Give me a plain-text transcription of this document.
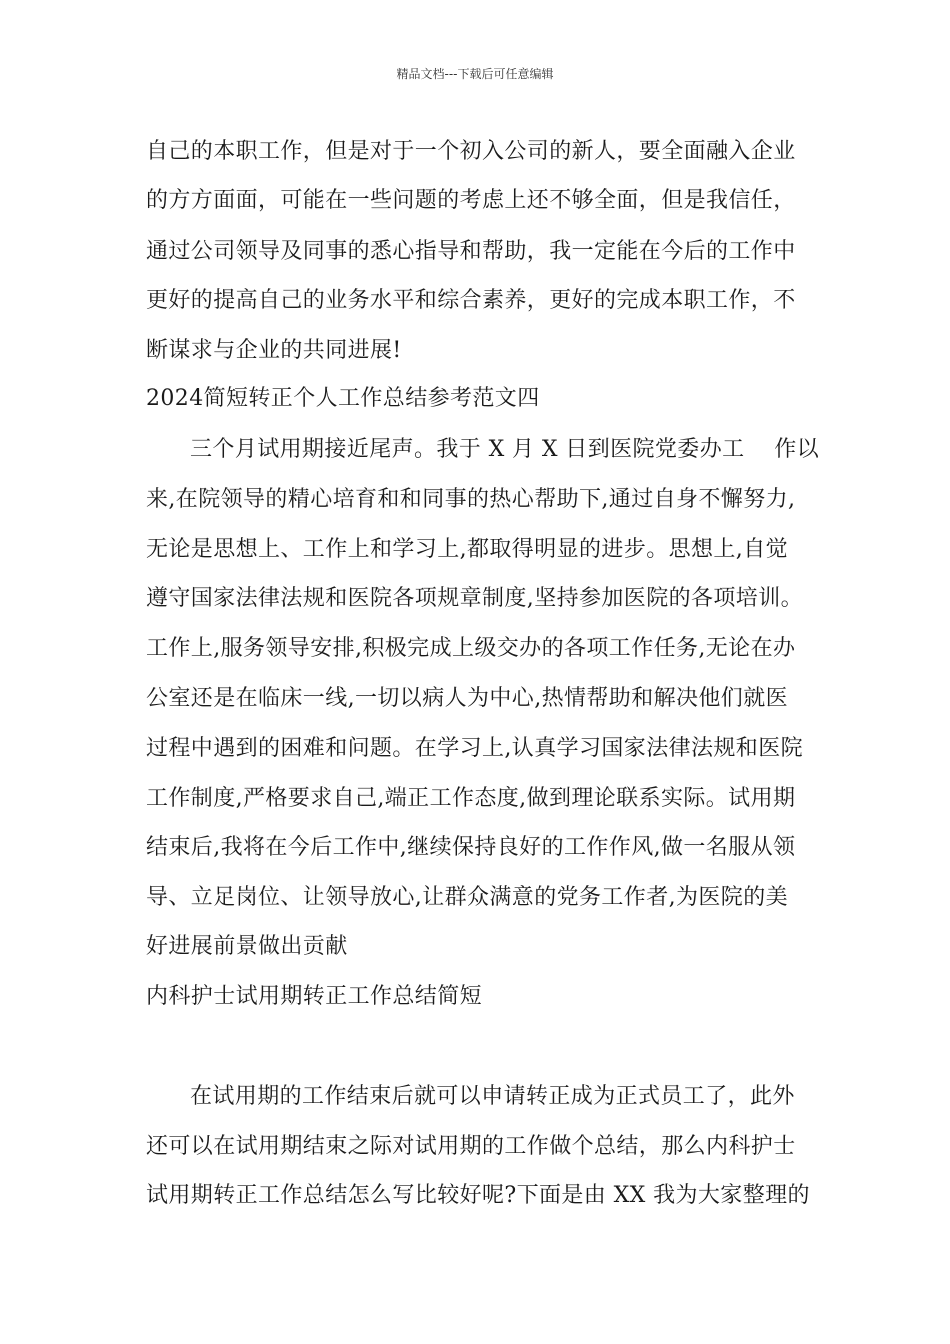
精品文档---下载后可任意编辑
自己的本职工作，但是对于一个初入公司的新人，要全面融入企业
的方方面面，可能在一些问题的考虑上还不够全面，但是我信任，
通过公司领导及同事的悉心指导和帮助，我一定能在今后的工作中
更好的提高自己的业务水平和综合素养，更好的完成本职工作，不
断谋求与企业的共同进展!
2024简短转正个人工作总结参考范文四
三个月试用期接近尾声。我于 X 月 X 日到医院党委办工　 作以
来,在院领导的精心培育和和同事的热心帮助下,通过自身不懈努力,
无论是思想上、工作上和学习上,都取得明显的进步。思想上,自觉
遵守国家法律法规和医院各项规章制度,坚持参加医院的各项培训。
工作上,服务领导安排,积极完成上级交办的各项工作任务,无论在办
公室还是在临床一线,一切以病人为中心,热情帮助和解决他们就医
过程中遇到的困难和问题。在学习上,认真学习国家法律法规和医院
工作制度,严格要求自己,端正工作态度,做到理论联系实际。试用期
结束后,我将在今后工作中,继续保持良好的工作作风,做一名服从领
导、立足岗位、让领导放心,让群众满意的党务工作者,为医院的美
好进展前景做出贡献
内科护士试用期转正工作总结简短
在试用期的工作结束后就可以申请转正成为正式员工了，此外
还可以在试用期结束之际对试用期的工作做个总结，那么内科护士
试用期转正工作总结怎么写比较好呢?下面是由 XX 我为大家整理的
